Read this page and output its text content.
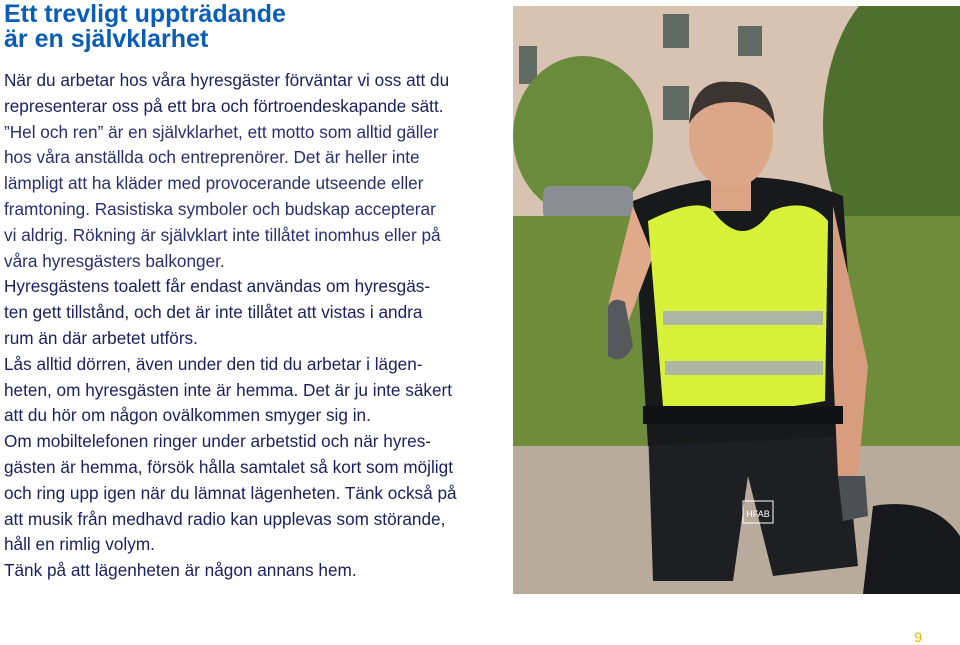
Ett trevligt uppträdande
är en självklarhet
När du arbetar hos våra hyresgäster förväntar vi oss att du
representerar oss på ett bra och förtroendeskapande sätt.
”Hel och ren” är en självklarhet, ett motto som alltid gäller
hos våra anställda och entreprenörer. Det är heller inte
lämpligt att ha kläder med provocerande utseende eller
framtoning. Rasistiska symboler och budskap accepterar
vi aldrig. Rökning är självklart inte tillåtet inomhus eller på
våra hyresgästers balkonger.
Hyresgästens toalett får endast användas om hyresgäs-
ten gett tillstånd, och det är inte tillåtet att vistas i andra
rum än där arbetet utförs.
Lås alltid dörren, även under den tid du arbetar i lägen-
heten, om hyresgästen inte är hemma. Det är ju inte säkert
att du hör om någon ovälkommen smyger sig in.
Om mobiltelefonen ringer under arbetstid och när hyres-
gästen är hemma, försök hålla samtalet så kort som möjligt
och ring upp igen när du lämnat lägenheten. Tänk också på
att musik från medhavd radio kan upplevas som störande,
håll en rimlig volym.
Tänk på att lägenheten är någon annans hem.
HFAB
9
